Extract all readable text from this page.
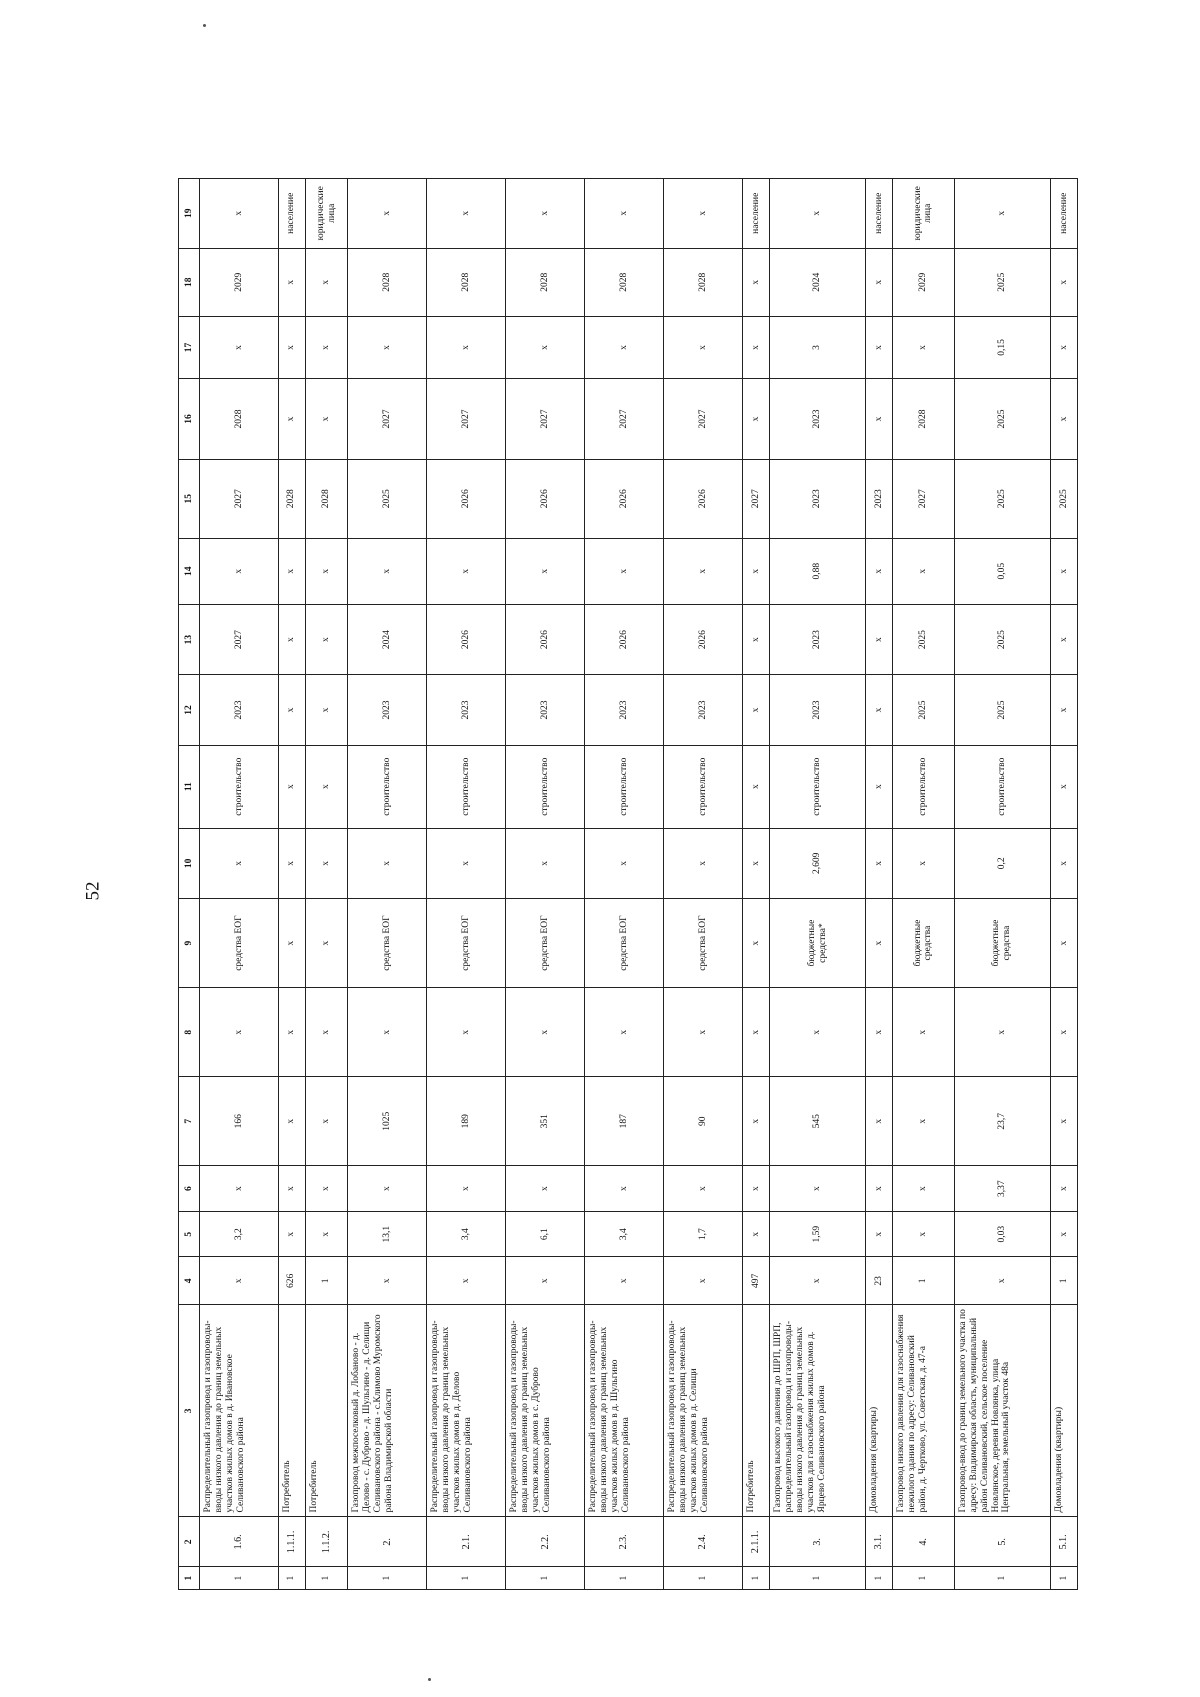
52
1	2	3	4	5	6	7	8	9	10	11	12	13	14	15	16	17	18	19
1	1.6.	Распределительный газопровод и газопроводы-вводы низкого давления до границ земельных участков жилых домов в д. Ивановское Селивановского района	х	3,2	х	166	х	средства ЕОГ	х	строительство	2023	2027	х	2027	2028	х	2029	х
1	1.1.1.	Потребитель	626	х	х	х	х	х	х	х	х	х	х	2028	х	х	х	население
1	1.1.2.	Потребитель	1	х	х	х	х	х	х	х	х	х	х	2028	х	х	х	юридические лица
1	2.	Газопровод межпоселковый д. Лобаново - д. Делово - с. Дуброво - д. Шульгино - д. Селищи Селивановского района - с.Климово Муромского района Владимирской области	х	13,1	х	1025	х	средства ЕОГ	х	строительство	2023	2024	х	2025	2027	х	2028	х
1	2.1.	Распределительный газопровод и газопроводы-вводы низкого давления до границ земельных участков жилых домов в д. Делово Селивановского района	х	3,4	х	189	х	средства ЕОГ	х	строительство	2023	2026	х	2026	2027	х	2028	х
1	2.2.	Распределительный газопровод и газопроводы-вводы низкого давления до границ земельных участков жилых домов в с. Дуброво Селивановского района	х	6,1	х	351	х	средства ЕОГ	х	строительство	2023	2026	х	2026	2027	х	2028	х
1	2.3.	Распределительный газопровод и газопроводы-вводы низкого давления до границ земельных участков жилых домов в д. Шульгино Селивановского района	х	3,4	х	187	х	средства ЕОГ	х	строительство	2023	2026	х	2026	2027	х	2028	х
1	2.4.	Распределительный газопровод и газопроводы-вводы низкого давления до границ земельных участков жилых домов в д. Селищи Селивановского района	х	1,7	х	90	х	средства ЕОГ	х	строительство	2023	2026	х	2026	2027	х	2028	х
1	2.1.1.	Потребитель	497	х	х	х	х	х	х	х	х	х	х	2027	х	х	х	население
1	3.	Газопровод высокого давления до ШРП, ШРП, распределительный газопровод и газопроводы-вводы низкого давления до границ земельных участков для газоснабжения жилых домов д. Ярцево Селивановского района	х	1,59	х	545	х	бюджетные средства*	2,609	строительство	2023	2023	0,88	2023	2023	3	2024	х
1	3.1.	Домовладения (квартиры)	23	х	х	х	х	х	х	х	х	х	х	2023	х	х	х	население
1	4.	Газопровод низкого давления для газоснабжения нежилого здания по адресу: Селивановский район, д. Чертково, ул. Советская, д. 47-а	1	х	х	х	х	бюджетные средства	х	строительство	2025	2025	х	2027	2028	х	2029	юридические лица
1	5.	Газопровод-ввод до границ земельного участка по адресу: Владимирская область, муниципальный район Селивановский, сельское поселение Новлянское, деревня Новлянка, улица Центральная, земельный участок 48а	х	0,03	3,37	23,7	х	бюджетные средства	0,2	строительство	2025	2025	0,05	2025	2025	0,15	2025	х
1	5.1.	Домовладения (квартиры)	1	х	х	х	х	х	х	х	х	х	х	2025	х	х	х	население
